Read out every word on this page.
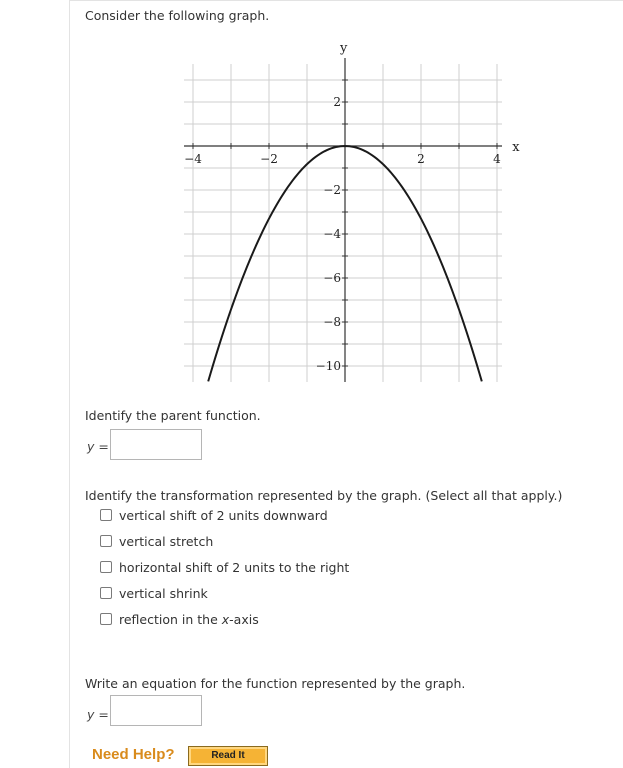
Consider the following graph.
x
y
−4	−2	2	4
2
−2
−4
−6
−8
−10
Identify the parent function.
y =
Identify the transformation represented by the graph. (Select all that apply.)
vertical shift of 2 units downward
vertical stretch
horizontal shift of 2 units to the right
vertical shrink
reflection in the x-axis
Write an equation for the function represented by the graph.
y =
Need Help?	Read It
